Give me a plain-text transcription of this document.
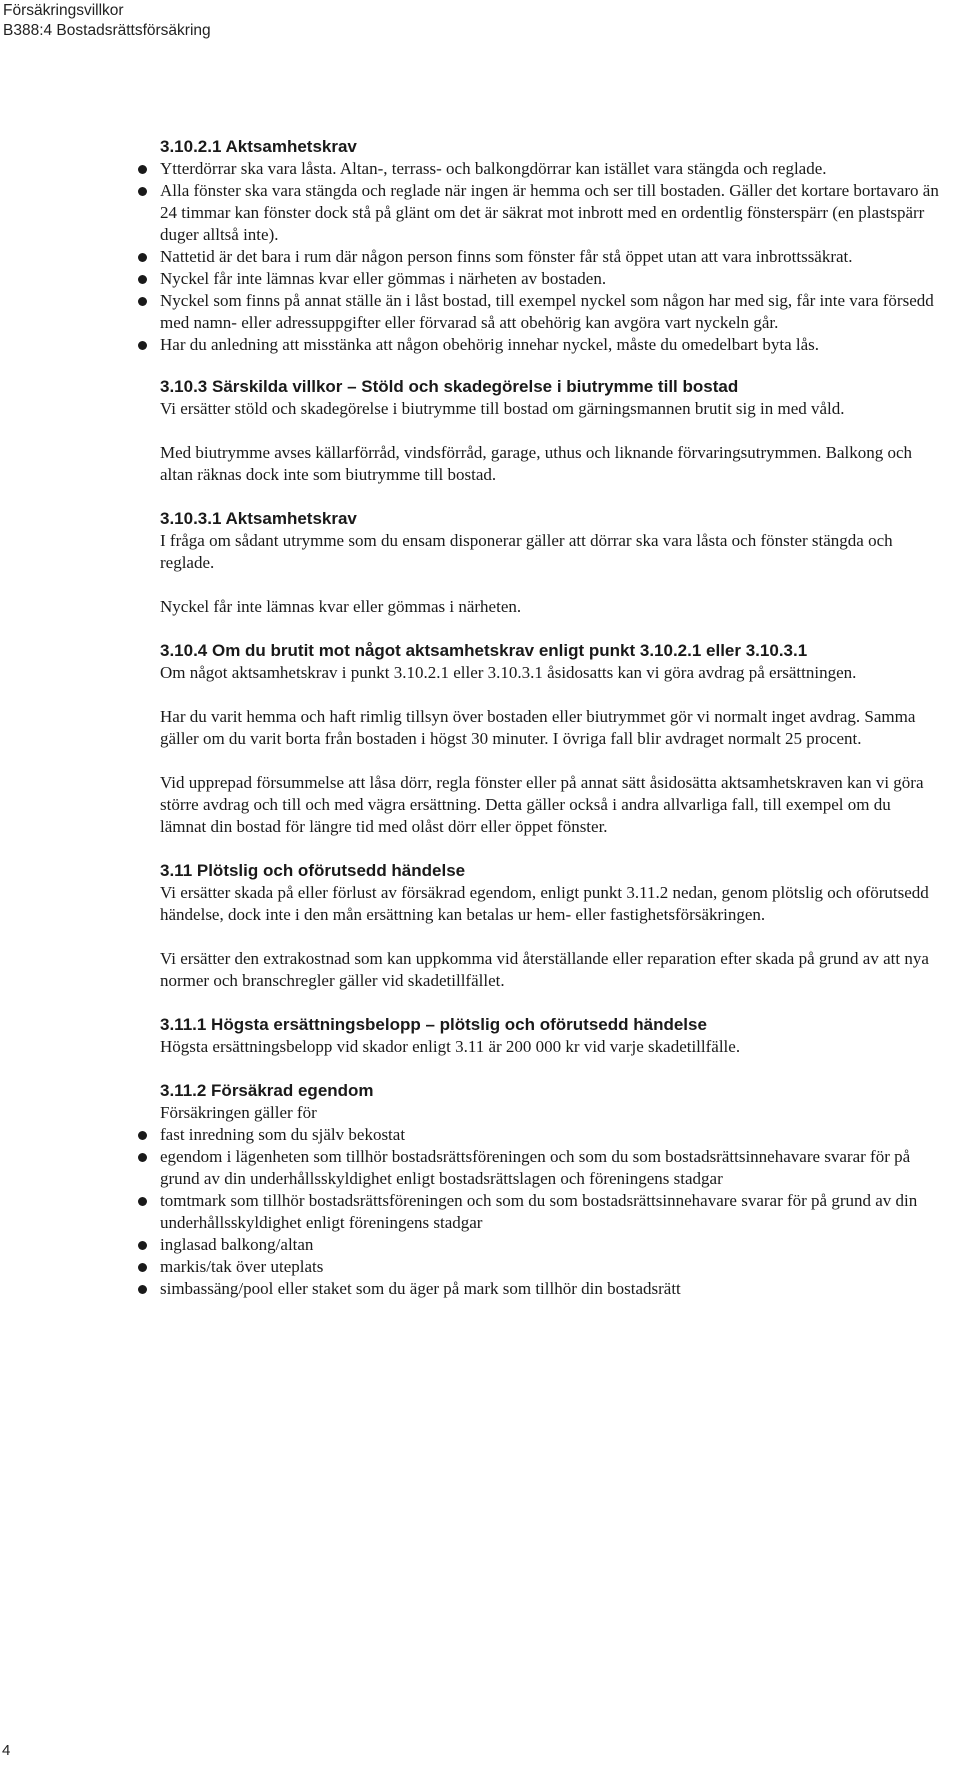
Försäkringsvillkor
B388:4 Bostadsrättsförsäkring

3.10.2.1 Aktsamhetskrav

Ytterdörrar ska vara låsta. Altan-, terrass- och balkongdörrar kan istället vara stängda och reglade.
Alla fönster ska vara stängda och reglade när ingen är hemma och ser till bostaden. Gäller det kortare bortavaro än 24 timmar kan fönster dock stå på glänt om det är säkrat mot inbrott med en ordentlig fönsterspärr (en plastspärr duger alltså inte).
Nattetid är det bara i rum där någon person finns som fönster får stå öppet utan att vara inbrottssäkrat.
Nyckel får inte lämnas kvar eller gömmas i närheten av bostaden.
Nyckel som finns på annat ställe än i låst bostad, till exempel nyckel som någon har med sig, får inte vara försedd med namn- eller adressuppgifter eller förvarad så att obehörig kan avgöra vart nyckeln går.
Har du anledning att misstänka att någon obehörig innehar nyckel, måste du omedelbart byta lås.

3.10.3 Särskilda villkor – Stöld och skadegörelse i biutrymme till bostad

Vi ersätter stöld och skadegörelse i biutrymme till bostad om gärningsmannen brutit sig in med våld.

Med biutrymme avses källarförråd, vindsförråd, garage, uthus och liknande förvaringsutrymmen. Balkong och altan räknas dock inte som biutrymme till bostad.

3.10.3.1 Aktsamhetskrav

I fråga om sådant utrymme som du ensam disponerar gäller att dörrar ska vara låsta och fönster stängda och reglade.

Nyckel får inte lämnas kvar eller gömmas i närheten.

3.10.4 Om du brutit mot något aktsamhetskrav enligt punkt 3.10.2.1 eller 3.10.3.1

Om något aktsamhetskrav i punkt 3.10.2.1 eller 3.10.3.1 åsidosatts kan vi göra avdrag på ersättningen.

Har du varit hemma och haft rimlig tillsyn över bostaden eller biutrymmet gör vi normalt inget avdrag. Samma gäller om du varit borta från bostaden i högst 30 minuter. I övriga fall blir avdraget normalt 25 procent.

Vid upprepad försummelse att låsa dörr, regla fönster eller på annat sätt åsidosätta aktsamhetskraven kan vi göra större avdrag och till och med vägra ersättning. Detta gäller också i andra allvarliga fall, till exempel om du lämnat din bostad för längre tid med olåst dörr eller öppet fönster.

3.11 Plötslig och oförutsedd händelse

Vi ersätter skada på eller förlust av försäkrad egendom, enligt punkt 3.11.2 nedan, genom plötslig och oförutsedd händelse, dock inte i den mån ersättning kan betalas ur hem- eller fastighetsförsäkringen.

Vi ersätter den extrakostnad som kan uppkomma vid återställande eller reparation efter skada på grund av att nya normer och branschregler gäller vid skadetillfället.

3.11.1 Högsta ersättningsbelopp – plötslig och oförutsedd händelse

Högsta ersättningsbelopp vid skador enligt 3.11 är 200 000 kr vid varje skadetillfälle.

3.11.2 Försäkrad egendom

Försäkringen gäller för

fast inredning som du själv bekostat
egendom i lägenheten som tillhör bostadsrättsföreningen och som du som bostadsrättsinnehavare svarar för på grund av din underhållsskyldighet enligt bostadsrättslagen och föreningens stadgar
tomtmark som tillhör bostadsrättsföreningen och som du som bostadsrättsinnehavare svarar för på grund av din underhållsskyldighet enligt föreningens stadgar
inglasad balkong/altan
markis/tak över uteplats
simbassäng/pool eller staket som du äger på mark som tillhör din bostadsrätt
4
